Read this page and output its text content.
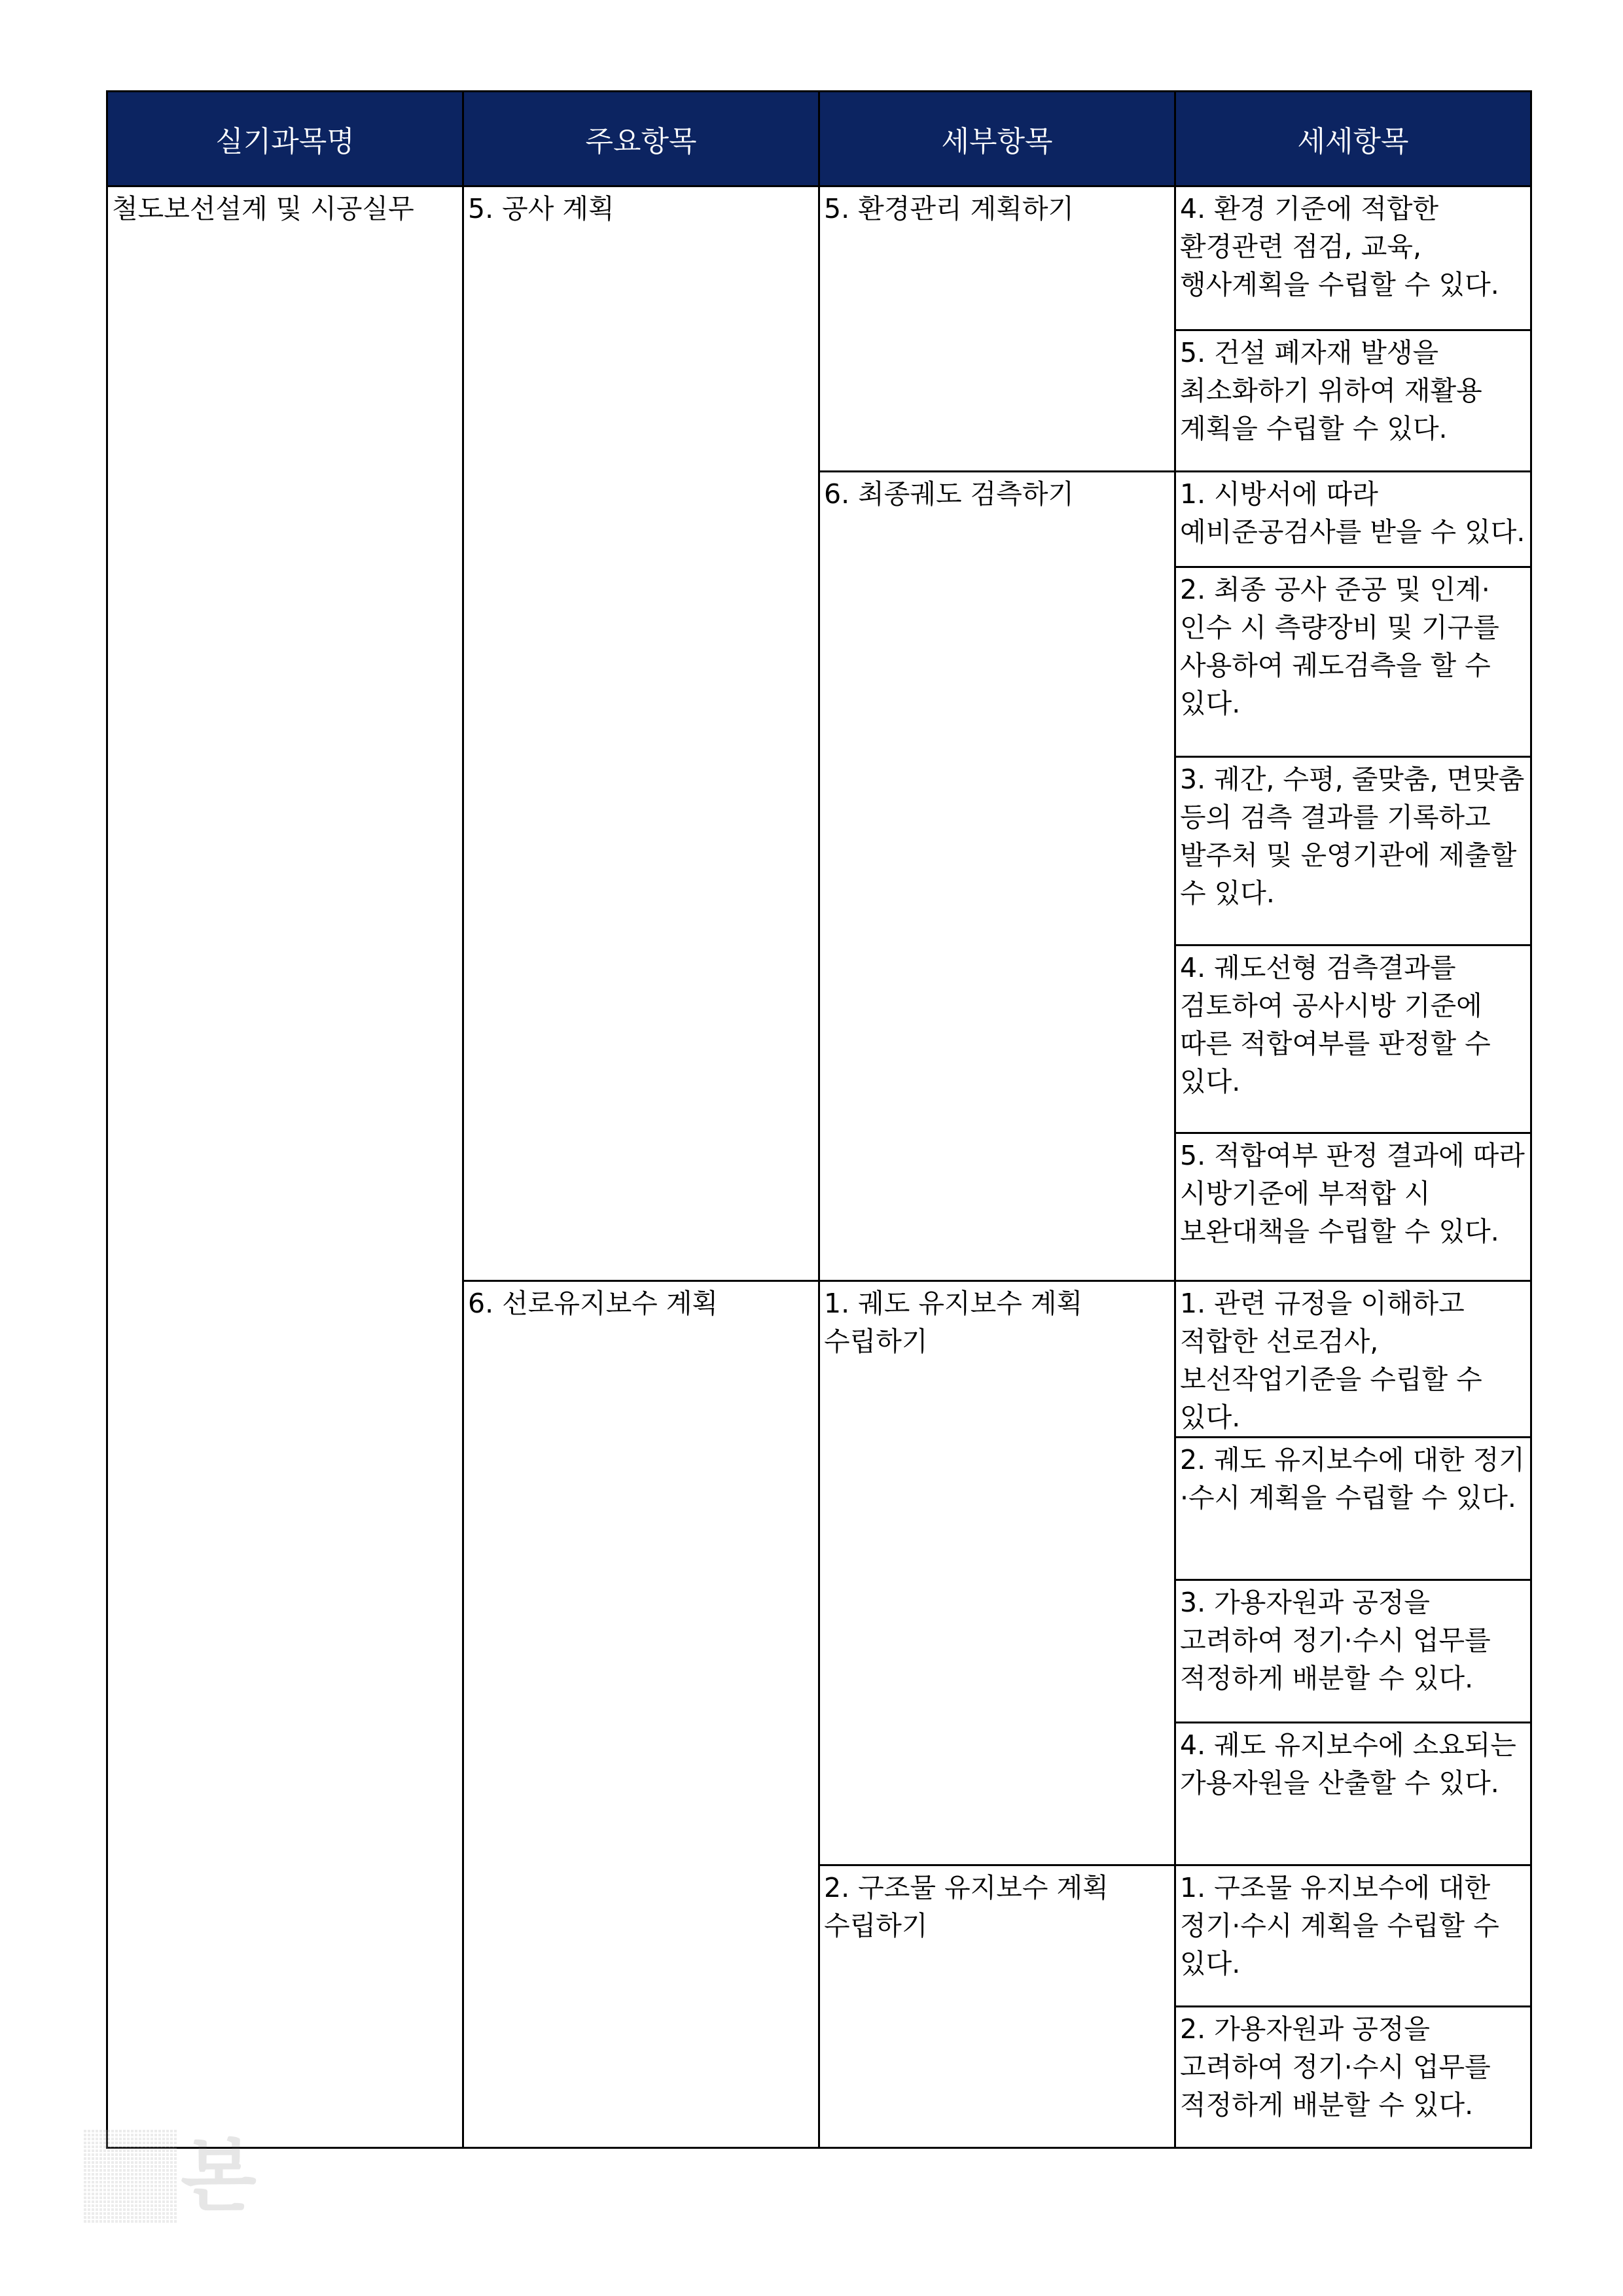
실기과목명	주요항목	세부항목	세세항목
철도보선설계 및 시공실무	5. 공사 계획	5. 환경관리 계획하기	4. 환경 기준에 적합한 환경관련 점검, 교육, 행사계획을 수립할 수 있다.
			5. 건설 폐자재 발생을 최소화하기 위하여 재활용 계획을 수립할 수 있다.
		6. 최종궤도 검측하기	1. 시방서에 따라 예비준공검사를 받을 수 있다.
			2. 최종 공사 준공 및 인계·인수 시 측량장비 및 기구를 사용하여 궤도검측을 할 수 있다.
			3. 궤간, 수평, 줄맞춤, 면맞춤 등의 검측 결과를 기록하고 발주처 및 운영기관에 제출할 수 있다.
			4. 궤도선형 검측결과를 검토하여 공사시방 기준에 따른 적합여부를 판정할 수 있다.
			5. 적합여부 판정 결과에 따라 시방기준에 부적합 시 보완대책을 수립할 수 있다.
	6. 선로유지보수 계획	1. 궤도 유지보수 계획 수립하기	1. 관련 규정을 이해하고 적합한 선로검사, 보선작업기준을 수립할 수 있다.
			2. 궤도 유지보수에 대한 정기·수시 계획을 수립할 수 있다.
			3. 가용자원과 공정을 고려하여 정기·수시 업무를 적정하게 배분할 수 있다.
			4. 궤도 유지보수에 소요되는 가용자원을 산출할 수 있다.
		2. 구조물 유지보수 계획 수립하기	1. 구조물 유지보수에 대한 정기·수시 계획을 수립할 수 있다.
			2. 가용자원과 공정을 고려하여 정기·수시 업무를 적정하게 배분할 수 있다.
본
